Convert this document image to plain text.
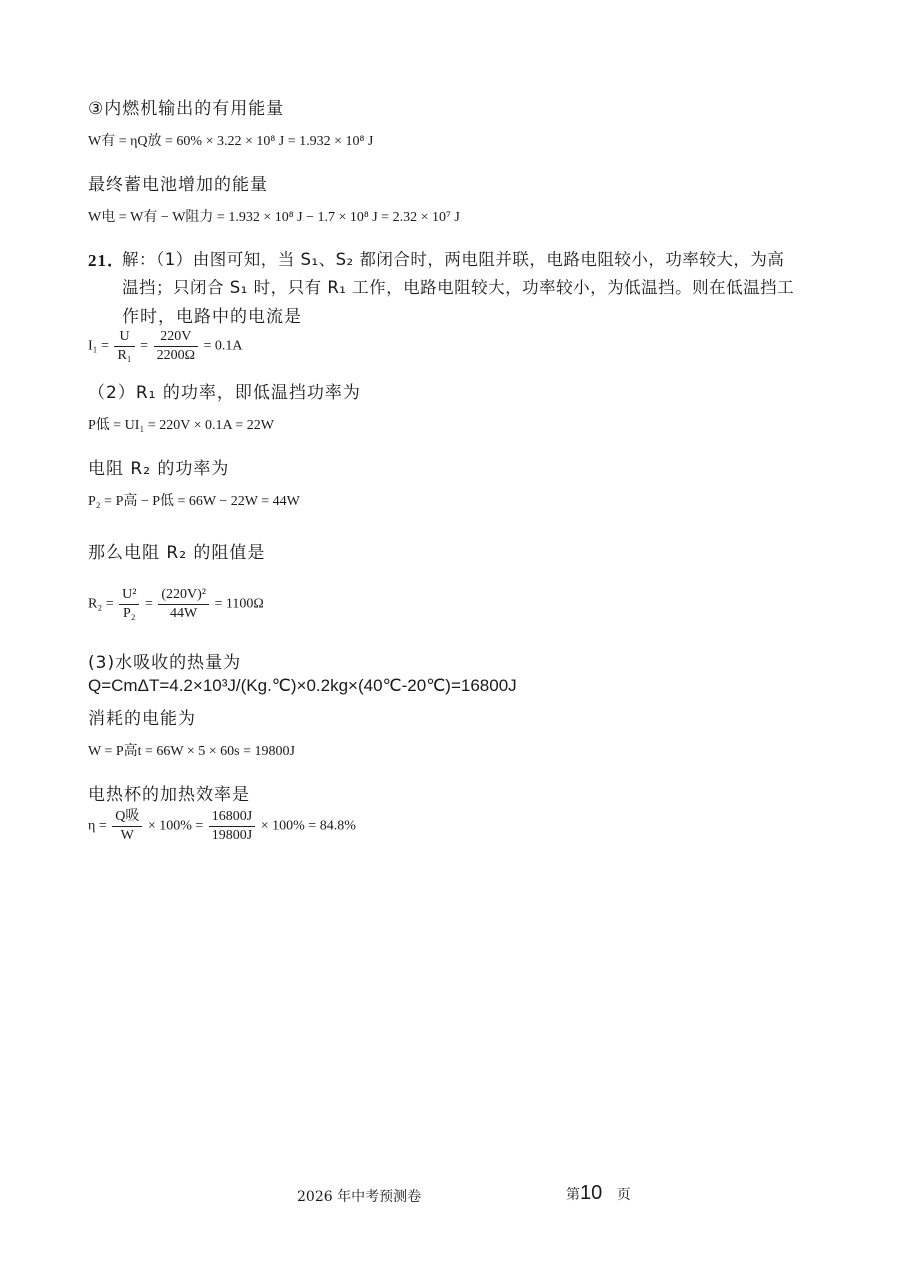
③内燃机输出的有用能量
W有 = ηQ放 = 60% × 3.22 × 10⁸ J = 1.932 × 10⁸ J
最终蓄电池增加的能量
W电 = W有 − W阻力 = 1.932 × 10⁸ J − 1.7 × 10⁸ J = 2.32 × 10⁷ J
21．
解：（1）由图可知，当 S₁、S₂ 都闭合时，两电阻并联，电路电阻较小，功率较大，为高
温挡；只闭合 S₁ 时，只有 R₁ 工作，电路电阻较大，功率较小，为低温挡。则在低温挡工
作时，电路中的电流是
$I_1 = \frac{U}{\text{R₁}} = \frac{220V}{2200\Omega} = 0.1A$
（2）R₁ 的功率，即低温挡功率为
P低 = UI₁ = 220V × 0.1A = 22W
电阻 R₂ 的功率为
P₂ = P高 − P低 = 66W − 22W = 44W
那么电阻 R₂ 的阻值是
$R_2 = \frac{\text{U²}}{\text{P₂}} = \frac{\text{(220V)²}}{44W} = 1100\Omega$
(3)水吸收的热量为
Q=CmΔT=4.2×10³J/(Kg.℃)×0.2kg×(40℃-20℃)=16800J
消耗的电能为
W = P高t = 66W × 5 × 60s = 19800J
电热杯的加热效率是
$\eta = \frac{\text{Q吸}}{W} \times 100\% = \frac{16800J}{19800J} \times 100\% = 84.8\%$
2026 年中考预测卷	第10 页
